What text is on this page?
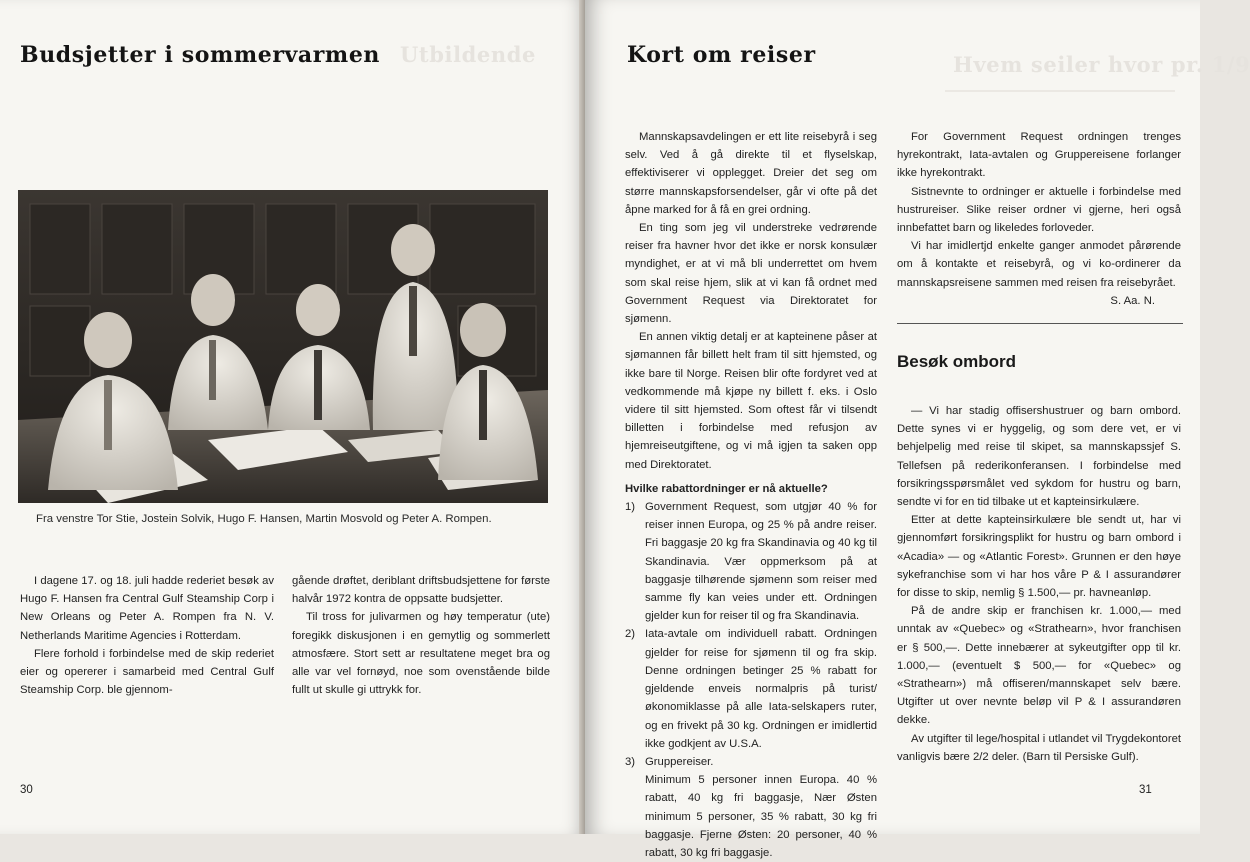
Utbildende
Budsjetter i sommervarmen
Fra venstre Tor Stie, Jostein Solvik, Hugo F. Hansen, Martin Mosvold og Peter A. Rompen.

I dagene 17. og 18. juli hadde rederiet besøk av Hugo F. Hansen fra Central Gulf Steamship Corp i New Orleans og Peter A. Rompen fra N. V. Netherlands Maritime Agencies i Rotterdam.

Flere forhold i forbindelse med de skip rederiet eier og opererer i samarbeid med Central Gulf Steamship Corp. ble gjennom-

gående drøftet, deriblant driftsbudsjettene for første halvår 1972 kontra de oppsatte budsjetter.

Til tross for julivarmen og høy temperatur (ute) foregikk diskusjonen i en gemytlig og sommerlett atmosfære. Stort sett ar resultatene meget bra og alle var vel fornøyd, noe som ovenstående bilde fullt ut skulle gi uttrykk for.

30
Hvem seiler hvor pr. 1/9
Kort om reiser

Mannskapsavdelingen er ett lite reisebyrå i seg selv. Ved å gå direkte til et flyselskap, effektiviserer vi opplegget. Dreier det seg om større mannskapsforsendelser, går vi ofte på det åpne marked for å få en grei ordning.

En ting som jeg vil understreke vedrørende reiser fra havner hvor det ikke er norsk konsulær myndighet, er at vi må bli underrettet om hvem som skal reise hjem, slik at vi kan få ordnet med Government Request via Direktoratet for sjømenn.

En annen viktig detalj er at kapteinene påser at sjømannen får billett helt fram til sitt hjemsted, og ikke bare til Norge. Reisen blir ofte fordyret ved at vedkommende må kjøpe ny billett f. eks. i Oslo videre til sitt hjemsted. Som oftest får vi tilsendt billetten i forbindelse med refusjon av hjemreiseutgiftene, og vi må igjen ta saken opp med Direktoratet.

Hvilke rabattordninger er nå aktuelle?

1) Government Request, som utgjør 40 % for reiser innen Europa, og 25 % på andre reiser. Fri baggasje 20 kg fra Skandinavia og 40 kg til Skandinavia. Vær oppmerksom på at baggasje tilhørende sjømenn som reiser med samme fly kan veies under ett. Ordningen gjelder kun for reiser til og fra Skandinavia.
2) Iata-avtale om individuell rabatt. Ordningen gjelder for reise for sjømenn til og fra skip. Denne ordningen betinger 25 % rabatt for gjeldende enveis normalpris på turist/økonomiklasse på alle Iata-selskapers ruter, og en frivekt på 30 kg. Ordningen er imidlertid ikke godkjent av U.S.A.
3) Gruppereiser.
Minimum 5 personer innen Europa. 40 % rabatt, 40 kg fri baggasje, Nær Østen minimum 5 personer, 35 % rabatt, 30 kg fri baggasje. Fjerne Østen: 20 personer, 40 % rabatt, 30 kg fri baggasje.

For Government Request ordningen trenges hyrekontrakt, Iata-avtalen og Gruppereisene forlanger ikke hyrekontrakt.

Sistnevnte to ordninger er aktuelle i forbindelse med hustrureiser. Slike reiser ordner vi gjerne, heri også innbefattet barn og likeledes forloveder.

Vi har imidlertjd enkelte ganger anmodet pårørende om å kontakte et reisebyrå, og vi ko-ordinerer da mannskapsreisene sammen med reisen fra reisebyrået.

S. Aa. N.

Besøk ombord

— Vi har stadig offisershustruer og barn ombord. Dette synes vi er hyggelig, og som dere vet, er vi behjelpelig med reise til skipet, sa mannskapssjef S. Tellefsen på rederikonferansen. I forbindelse med forsikringsspørsmålet ved sykdom for hustru og barn, sendte vi for en tid tilbake ut et kapteinsirkulære.

Etter at dette kapteinsirkulære ble sendt ut, har vi gjennomført forsikringsplikt for hustru og barn ombord i «Acadia» — og «Atlantic Forest». Grunnen er den høye sykefranchise som vi har hos våre P & I assurandører for disse to skip, nemlig § 1.500,— pr. havneanløp.

På de andre skip er franchisen kr. 1.000,— med unntak av «Quebec» og «Strathearn», hvor franchisen er § 500,—. Dette innebærer at sykeutgifter opp til kr. 1.000,— (eventuelt $ 500,— for «Quebec» og «Strathearn») må offiseren/mannskapet selv bære. Utgifter ut over nevnte beløp vil P & I assurandøren dekke.

Av utgifter til lege/hospital i utlandet vil Trygdekontoret vanligvis bære 2/2 deler. (Barn til Persiske Gulf).

31
